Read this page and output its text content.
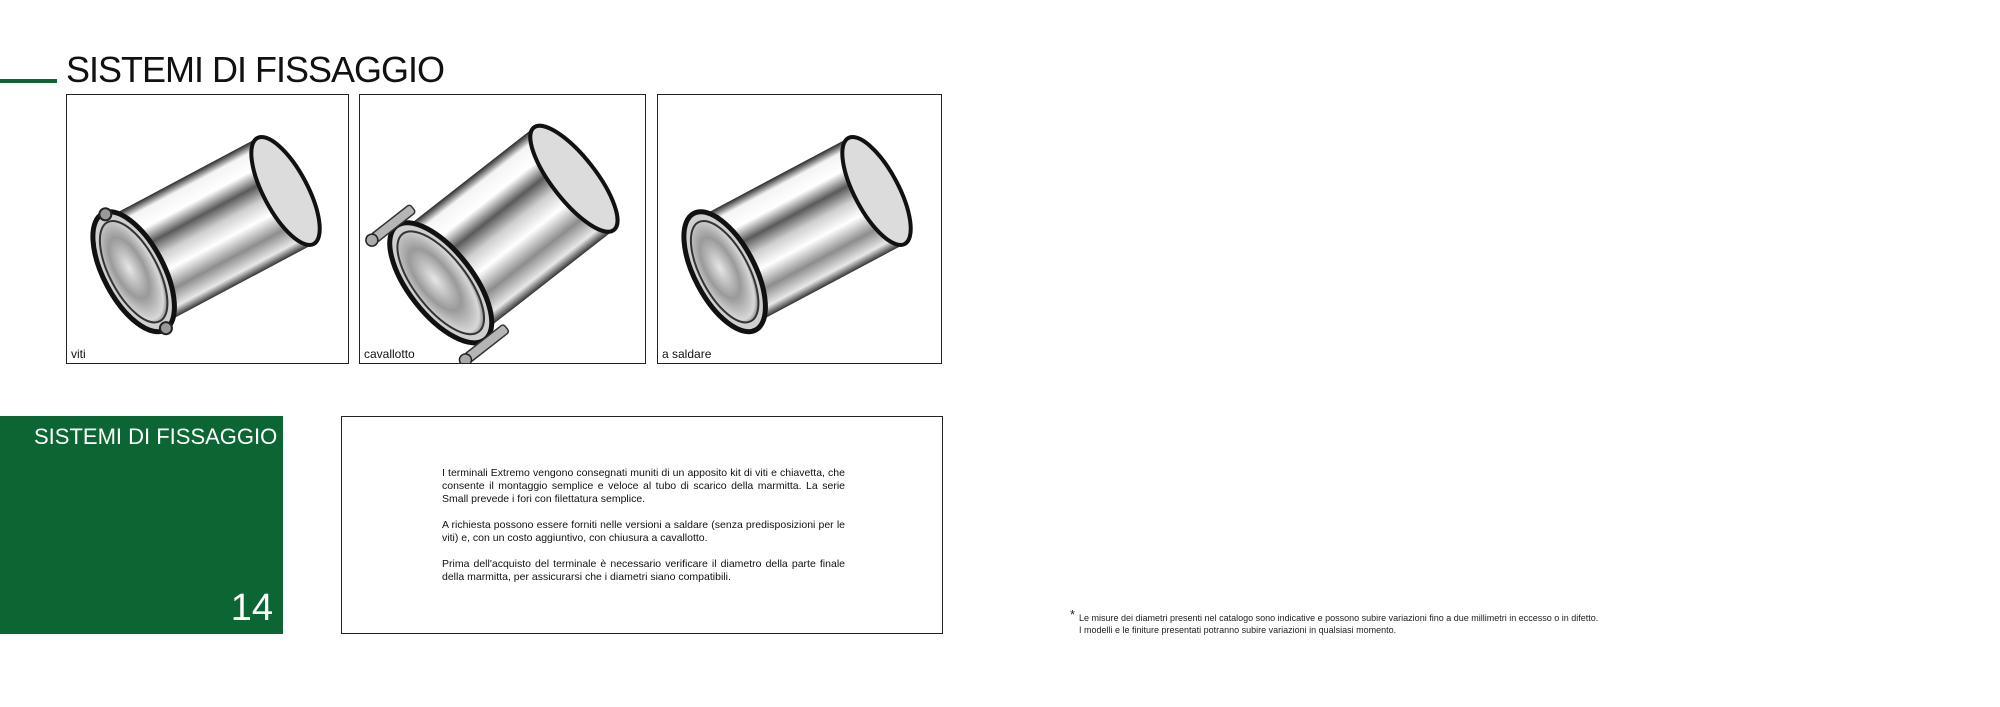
SISTEMI DI FISSAGGIO
viti	cavallotto	a saldare
SISTEMI DI FISSAGGIO
14

I terminali Extremo vengono consegnati muniti di un apposito kit di viti e chiavetta, che consente il montaggio semplice e veloce al tubo di scarico della marmitta. La serie Small prevede i fori con filettatura semplice.

A richiesta possono essere forniti nelle versioni a saldare (senza predisposizioni per le viti) e, con un costo aggiuntivo, con chiusura a cavallotto.

Prima dell'acquisto del terminale è necessario verificare il diametro della parte finale della marmitta, per assicurarsi che i diametri siano compatibili.

* Le misure dei diametri presenti nel catalogo sono indicative e possono subire variazioni fino a due millimetri in eccesso o in difetto.
I modelli e le finiture presentati potranno subire variazioni in qualsiasi momento.
